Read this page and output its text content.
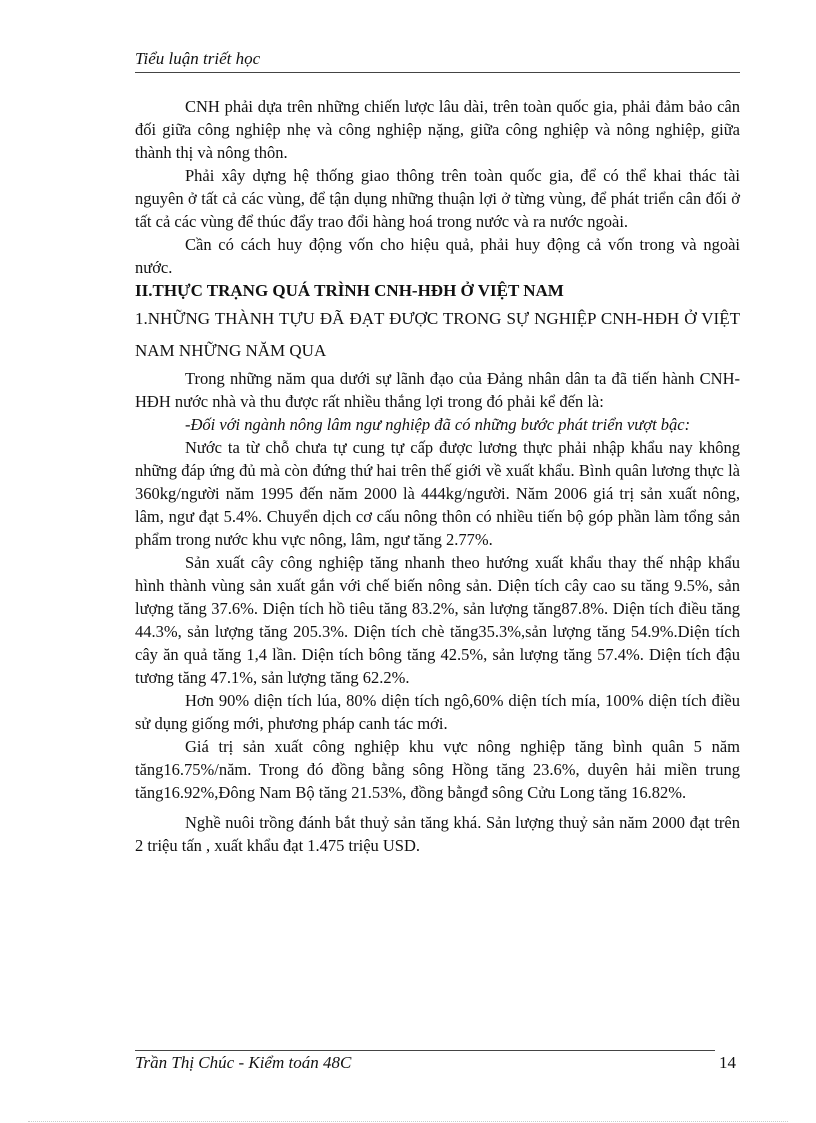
Tiểu luận triết học

CNH phải dựa trên những chiến lược lâu dài, trên toàn quốc gia, phải đảm bảo cân đối giữa công nghiệp nhẹ và công nghiệp nặng, giữa công nghiệp và nông nghiệp, giữa thành thị và nông thôn.

Phải xây dựng hệ thống giao thông trên toàn quốc gia, để có thể khai thác tài nguyên ở tất cả các vùng, để tận dụng những thuận lợi ở từng vùng, để phát triển cân đối ở tất cả các vùng để thúc đẩy trao đổi hàng hoá trong nước và ra nước ngoài.

Cần có cách huy động vốn cho hiệu quả, phải huy động cả vốn trong và ngoài nước.

II.THỰC TRẠNG QUÁ TRÌNH CNH-HĐH Ở VIỆT NAM

1.NHỮNG THÀNH TỰU ĐÃ ĐẠT ĐƯỢC TRONG SỰ NGHIỆP CNH-HĐH Ở VIỆT NAM NHỮNG NĂM QUA

Trong những năm qua dưới sự lãnh đạo của Đảng nhân dân ta đã tiến hành CNH-HĐH nước nhà và thu được rất nhiều thắng lợi trong đó phải kể đến là:

-Đối với ngành nông lâm ngư nghiệp đã có những bước phát triển vượt bậc:

Nước ta từ chỗ chưa tự cung tự cấp được lương thực phải nhập khẩu nay không những đáp ứng đủ mà còn đứng thứ hai trên thế giới về xuất khẩu. Bình quân lương thực là 360kg/người năm 1995 đến năm 2000 là 444kg/người. Năm 2006 giá trị sản xuất nông, lâm, ngư đạt 5.4%. Chuyển dịch cơ cấu nông thôn có nhiều tiến bộ góp phần làm tổng sản phẩm trong nước khu vực nông, lâm, ngư tăng 2.77%.

Sản xuất cây công nghiệp tăng nhanh theo hướng xuất khẩu thay thế nhập khẩu hình thành vùng sản xuất gắn với chế biến nông sản. Diện tích cây cao su tăng 9.5%, sản lượng tăng 37.6%. Diện tích hồ tiêu tăng 83.2%, sản lượng tăng87.8%. Diện tích điều tăng 44.3%, sản lượng tăng 205.3%. Diện tích chè tăng35.3%,sản lượng tăng 54.9%.Diện tích cây ăn quả tăng 1,4 lần. Diện tích bông tăng 42.5%, sản lượng tăng 57.4%. Diện tích đậu tương tăng 47.1%, sản lượng tăng 62.2%.

Hơn 90% diện tích lúa, 80% diện tích ngô,60% diện tích mía, 100% diện tích điều sử dụng giống mới, phương pháp canh tác mới.

Giá trị sản xuất công nghiệp khu vực nông nghiệp tăng bình quân 5 năm tăng16.75%/năm. Trong đó đồng bằng sông Hồng tăng 23.6%, duyên hải miền trung tăng16.92%,Đông Nam Bộ tăng 21.53%, đồng bằngđ sông Cửu Long tăng 16.82%.

Nghề nuôi trồng đánh bắt thuỷ sản tăng khá. Sản lượng thuỷ sản năm 2000 đạt trên 2 triệu tấn , xuất khẩu đạt 1.475 triệu USD.

Trần Thị Chúc - Kiểm toán 48C	14
